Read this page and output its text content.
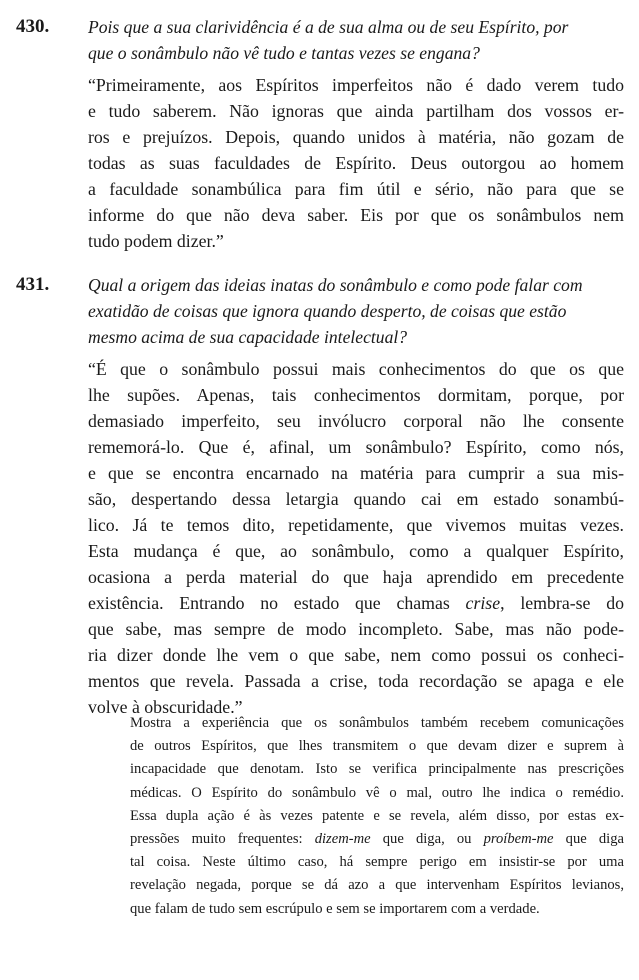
430. Pois que a sua clarividência é a de sua alma ou de seu Espírito, por
que o sonâmbulo não vê tudo e tantas vezes se engana?

“Primeiramente, aos Espíritos imperfeitos não é dado verem tudo
e tudo saberem. Não ignoras que ainda partilham dos vossos er-
ros e prejuízos. Depois, quando unidos à matéria, não gozam de
todas as suas faculdades de Espírito. Deus outorgou ao homem
a faculdade sonambúlica para fim útil e sério, não para que se
informe do que não deva saber. Eis por que os sonâmbulos nem
tudo podem dizer.”

431. Qual a origem das ideias inatas do sonâmbulo e como pode falar com
exatidão de coisas que ignora quando desperto, de coisas que estão
mesmo acima de sua capacidade intelectual?

“É que o sonâmbulo possui mais conhecimentos do que os que
lhe supões. Apenas, tais conhecimentos dormitam, porque, por
demasiado imperfeito, seu invólucro corporal não lhe consente
rememorá-lo. Que é, afinal, um sonâmbulo? Espírito, como nós,
e que se encontra encarnado na matéria para cumprir a sua mis-
são, despertando dessa letargia quando cai em estado sonambú-
lico. Já te temos dito, repetidamente, que vivemos muitas vezes.
Esta mudança é que, ao sonâmbulo, como a qualquer Espírito,
ocasiona a perda material do que haja aprendido em precedente
existência. Entrando no estado que chamas crise, lembra-se do
que sabe, mas sempre de modo incompleto. Sabe, mas não pode-
ria dizer donde lhe vem o que sabe, nem como possui os conheci-
mentos que revela. Passada a crise, toda recordação se apaga e ele
volve à obscuridade.”

Mostra a experiência que os sonâmbulos também recebem comunicações
de outros Espíritos, que lhes transmitem o que devam dizer e suprem à
incapacidade que denotam. Isto se verifica principalmente nas prescrições
médicas. O Espírito do sonâmbulo vê o mal, outro lhe indica o remédio.
Essa dupla ação é às vezes patente e se revela, além disso, por estas ex-
pressões muito frequentes: dizem-me que diga, ou proíbem-me que diga
tal coisa. Neste último caso, há sempre perigo em insistir-se por uma
revelação negada, porque se dá azo a que intervenham Espíritos levianos,
que falam de tudo sem escrúpulo e sem se importarem com a verdade.
